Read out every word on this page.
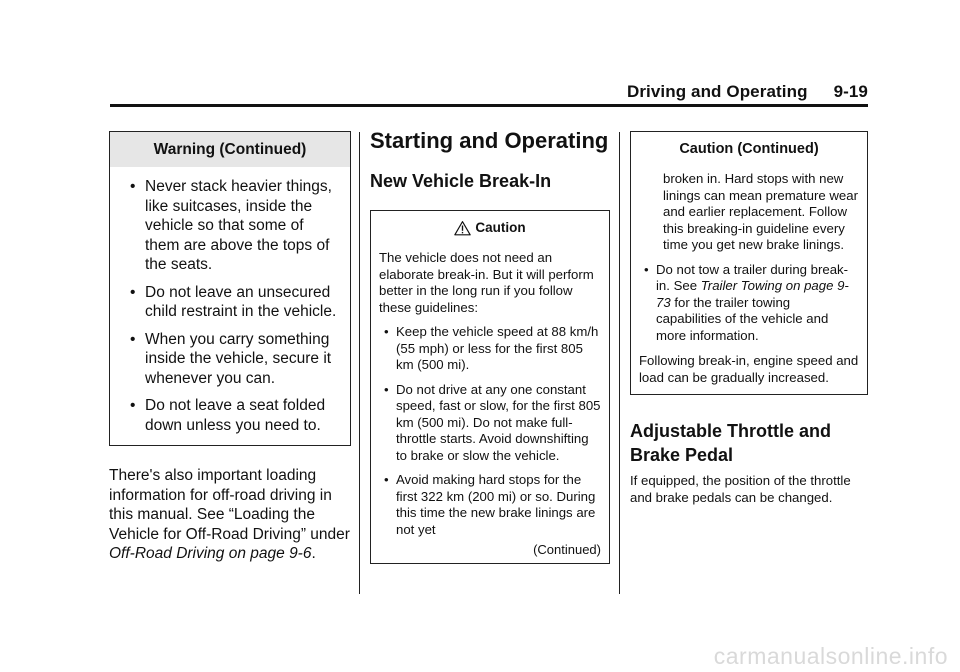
Driving and Operating 9-19
Warning (Continued)
• Never stack heavier things, like suitcases, inside the vehicle so that some of them are above the tops of the seats.
• Do not leave an unsecured child restraint in the vehicle.
• When you carry something inside the vehicle, secure it whenever you can.
• Do not leave a seat folded down unless you need to.

There's also important loading information for off-road driving in this manual. See “Loading the Vehicle for Off-Road Driving” under Off-Road Driving on page 9-6.

Starting and Operating
New Vehicle Break-In
Caution

The vehicle does not need an elaborate break-in. But it will perform better in the long run if you follow these guidelines:

• Keep the vehicle speed at 88 km/h (55 mph) or less for the first 805 km (500 mi).
• Do not drive at any one constant speed, fast or slow, for the first 805 km (500 mi). Do not make full-throttle starts. Avoid downshifting to brake or slow the vehicle.
• Avoid making hard stops for the first 322 km (200 mi) or so. During this time the new brake linings are not yet
(Continued)
Caution (Continued)

broken in. Hard stops with new linings can mean premature wear and earlier replacement. Follow this breaking-in guideline every time you get new brake linings.

• Do not tow a trailer during break-in. See Trailer Towing on page 9-73 for the trailer towing capabilities of the vehicle and more information.

Following break-in, engine speed and load can be gradually increased.

Adjustable Throttle and Brake Pedal

If equipped, the position of the throttle and brake pedals can be changed.

carmanualsonline.info
